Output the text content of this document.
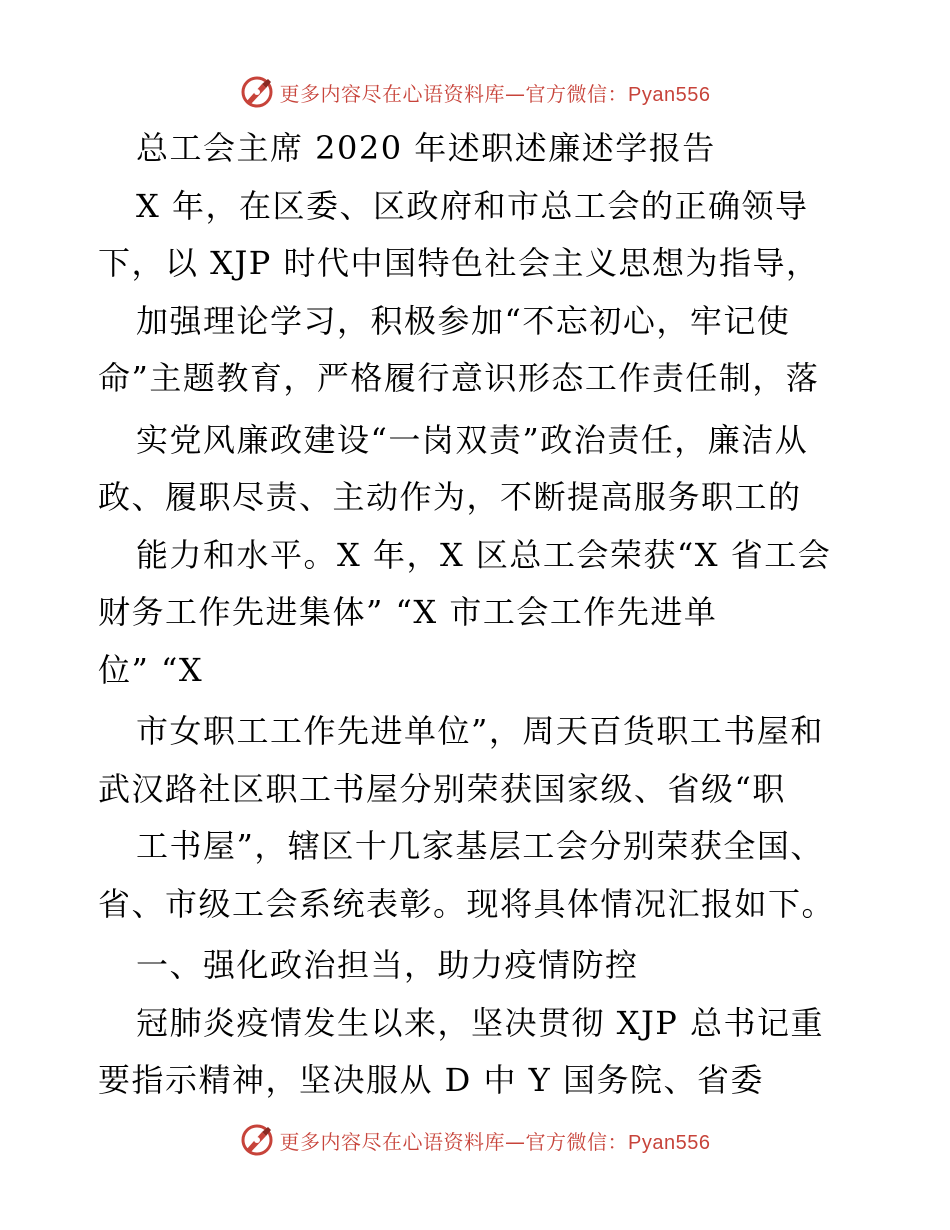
更多内容尽在心语资料库—官方微信：Pyan556
总工会主席 2020 年述职述廉述学报告
X 年，在区委、区政府和市总工会的正确领导
下，以 XJP 时代中国特色社会主义思想为指导，
加强理论学习，积极参加“不忘初心，牢记使
命”主题教育，严格履行意识形态工作责任制，落
实党风廉政建设“一岗双责”政治责任，廉洁从
政、履职尽责、主动作为，不断提高服务职工的
能力和水平。X 年，X 区总工会荣获“X 省工会
财务工作先进集体” “X 市工会工作先进单
位” “X
市女职工工作先进单位”，周天百货职工书屋和
武汉路社区职工书屋分别荣获国家级、省级“职
工书屋”，辖区十几家基层工会分别荣获全国、
省、市级工会系统表彰。现将具体情况汇报如下。
一、强化政治担当，助力疫情防控
冠肺炎疫情发生以来，坚决贯彻 XJP 总书记重
要指示精神，坚决服从 D 中 Y 国务院、省委
更多内容尽在心语资料库—官方微信：Pyan556
